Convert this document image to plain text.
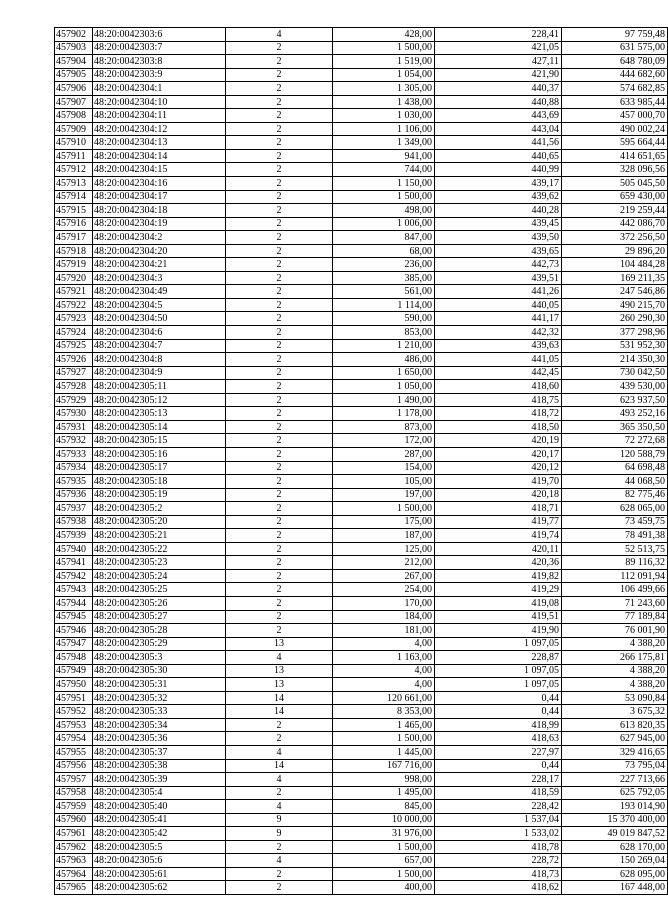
457902	48:20:0042303:6	4	428,00	228,41	97 759,48
457903	48:20:0042303:7	2	1 500,00	421,05	631 575,00
457904	48:20:0042303:8	2	1 519,00	427,11	648 780,09
457905	48:20:0042303:9	2	1 054,00	421,90	444 682,60
457906	48:20:0042304:1	2	1 305,00	440,37	574 682,85
457907	48:20:0042304:10	2	1 438,00	440,88	633 985,44
457908	48:20:0042304:11	2	1 030,00	443,69	457 000,70
457909	48:20:0042304:12	2	1 106,00	443,04	490 002,24
457910	48:20:0042304:13	2	1 349,00	441,56	595 664,44
457911	48:20:0042304:14	2	941,00	440,65	414 651,65
457912	48:20:0042304:15	2	744,00	440,99	328 096,56
457913	48:20:0042304:16	2	1 150,00	439,17	505 045,50
457914	48:20:0042304:17	2	1 500,00	439,62	659 430,00
457915	48:20:0042304:18	2	498,00	440,28	219 259,44
457916	48:20:0042304:19	2	1 006,00	439,45	442 086,70
457917	48:20:0042304:2	2	847,00	439,50	372 256,50
457918	48:20:0042304:20	2	68,00	439,65	29 896,20
457919	48:20:0042304:21	2	236,00	442,73	104 484,28
457920	48:20:0042304:3	2	385,00	439,51	169 211,35
457921	48:20:0042304:49	2	561,00	441,26	247 546,86
457922	48:20:0042304:5	2	1 114,00	440,05	490 215,70
457923	48:20:0042304:50	2	590,00	441,17	260 290,30
457924	48:20:0042304:6	2	853,00	442,32	377 298,96
457925	48:20:0042304:7	2	1 210,00	439,63	531 952,30
457926	48:20:0042304:8	2	486,00	441,05	214 350,30
457927	48:20:0042304:9	2	1 650,00	442,45	730 042,50
457928	48:20:0042305:11	2	1 050,00	418,60	439 530,00
457929	48:20:0042305:12	2	1 490,00	418,75	623 937,50
457930	48:20:0042305:13	2	1 178,00	418,72	493 252,16
457931	48:20:0042305:14	2	873,00	418,50	365 350,50
457932	48:20:0042305:15	2	172,00	420,19	72 272,68
457933	48:20:0042305:16	2	287,00	420,17	120 588,79
457934	48:20:0042305:17	2	154,00	420,12	64 698,48
457935	48:20:0042305:18	2	105,00	419,70	44 068,50
457936	48:20:0042305:19	2	197,00	420,18	82 775,46
457937	48:20:0042305:2	2	1 500,00	418,71	628 065,00
457938	48:20:0042305:20	2	175,00	419,77	73 459,75
457939	48:20:0042305:21	2	187,00	419,74	78 491,38
457940	48:20:0042305:22	2	125,00	420,11	52 513,75
457941	48:20:0042305:23	2	212,00	420,36	89 116,32
457942	48:20:0042305:24	2	267,00	419,82	112 091,94
457943	48:20:0042305:25	2	254,00	419,29	106 499,66
457944	48:20:0042305:26	2	170,00	419,08	71 243,60
457945	48:20:0042305:27	2	184,00	419,51	77 189,84
457946	48:20:0042305:28	2	181,00	419,90	76 001,90
457947	48:20:0042305:29	13	4,00	1 097,05	4 388,20
457948	48:20:0042305:3	4	1 163,00	228,87	266 175,81
457949	48:20:0042305:30	13	4,00	1 097,05	4 388,20
457950	48:20:0042305:31	13	4,00	1 097,05	4 388,20
457951	48:20:0042305:32	14	120 661,00	0,44	53 090,84
457952	48:20:0042305:33	14	8 353,00	0,44	3 675,32
457953	48:20:0042305:34	2	1 465,00	418,99	613 820,35
457954	48:20:0042305:36	2	1 500,00	418,63	627 945,00
457955	48:20:0042305:37	4	1 445,00	227,97	329 416,65
457956	48:20:0042305:38	14	167 716,00	0,44	73 795,04
457957	48:20:0042305:39	4	998,00	228,17	227 713,66
457958	48:20:0042305:4	2	1 495,00	418,59	625 792,05
457959	48:20:0042305:40	4	845,00	228,42	193 014,90
457960	48:20:0042305:41	9	10 000,00	1 537,04	15 370 400,00
457961	48:20:0042305:42	9	31 976,00	1 533,02	49 019 847,52
457962	48:20:0042305:5	2	1 500,00	418,78	628 170,00
457963	48:20:0042305:6	4	657,00	228,72	150 269,04
457964	48:20:0042305:61	2	1 500,00	418,73	628 095,00
457965	48:20:0042305:62	2	400,00	418,62	167 448,00
